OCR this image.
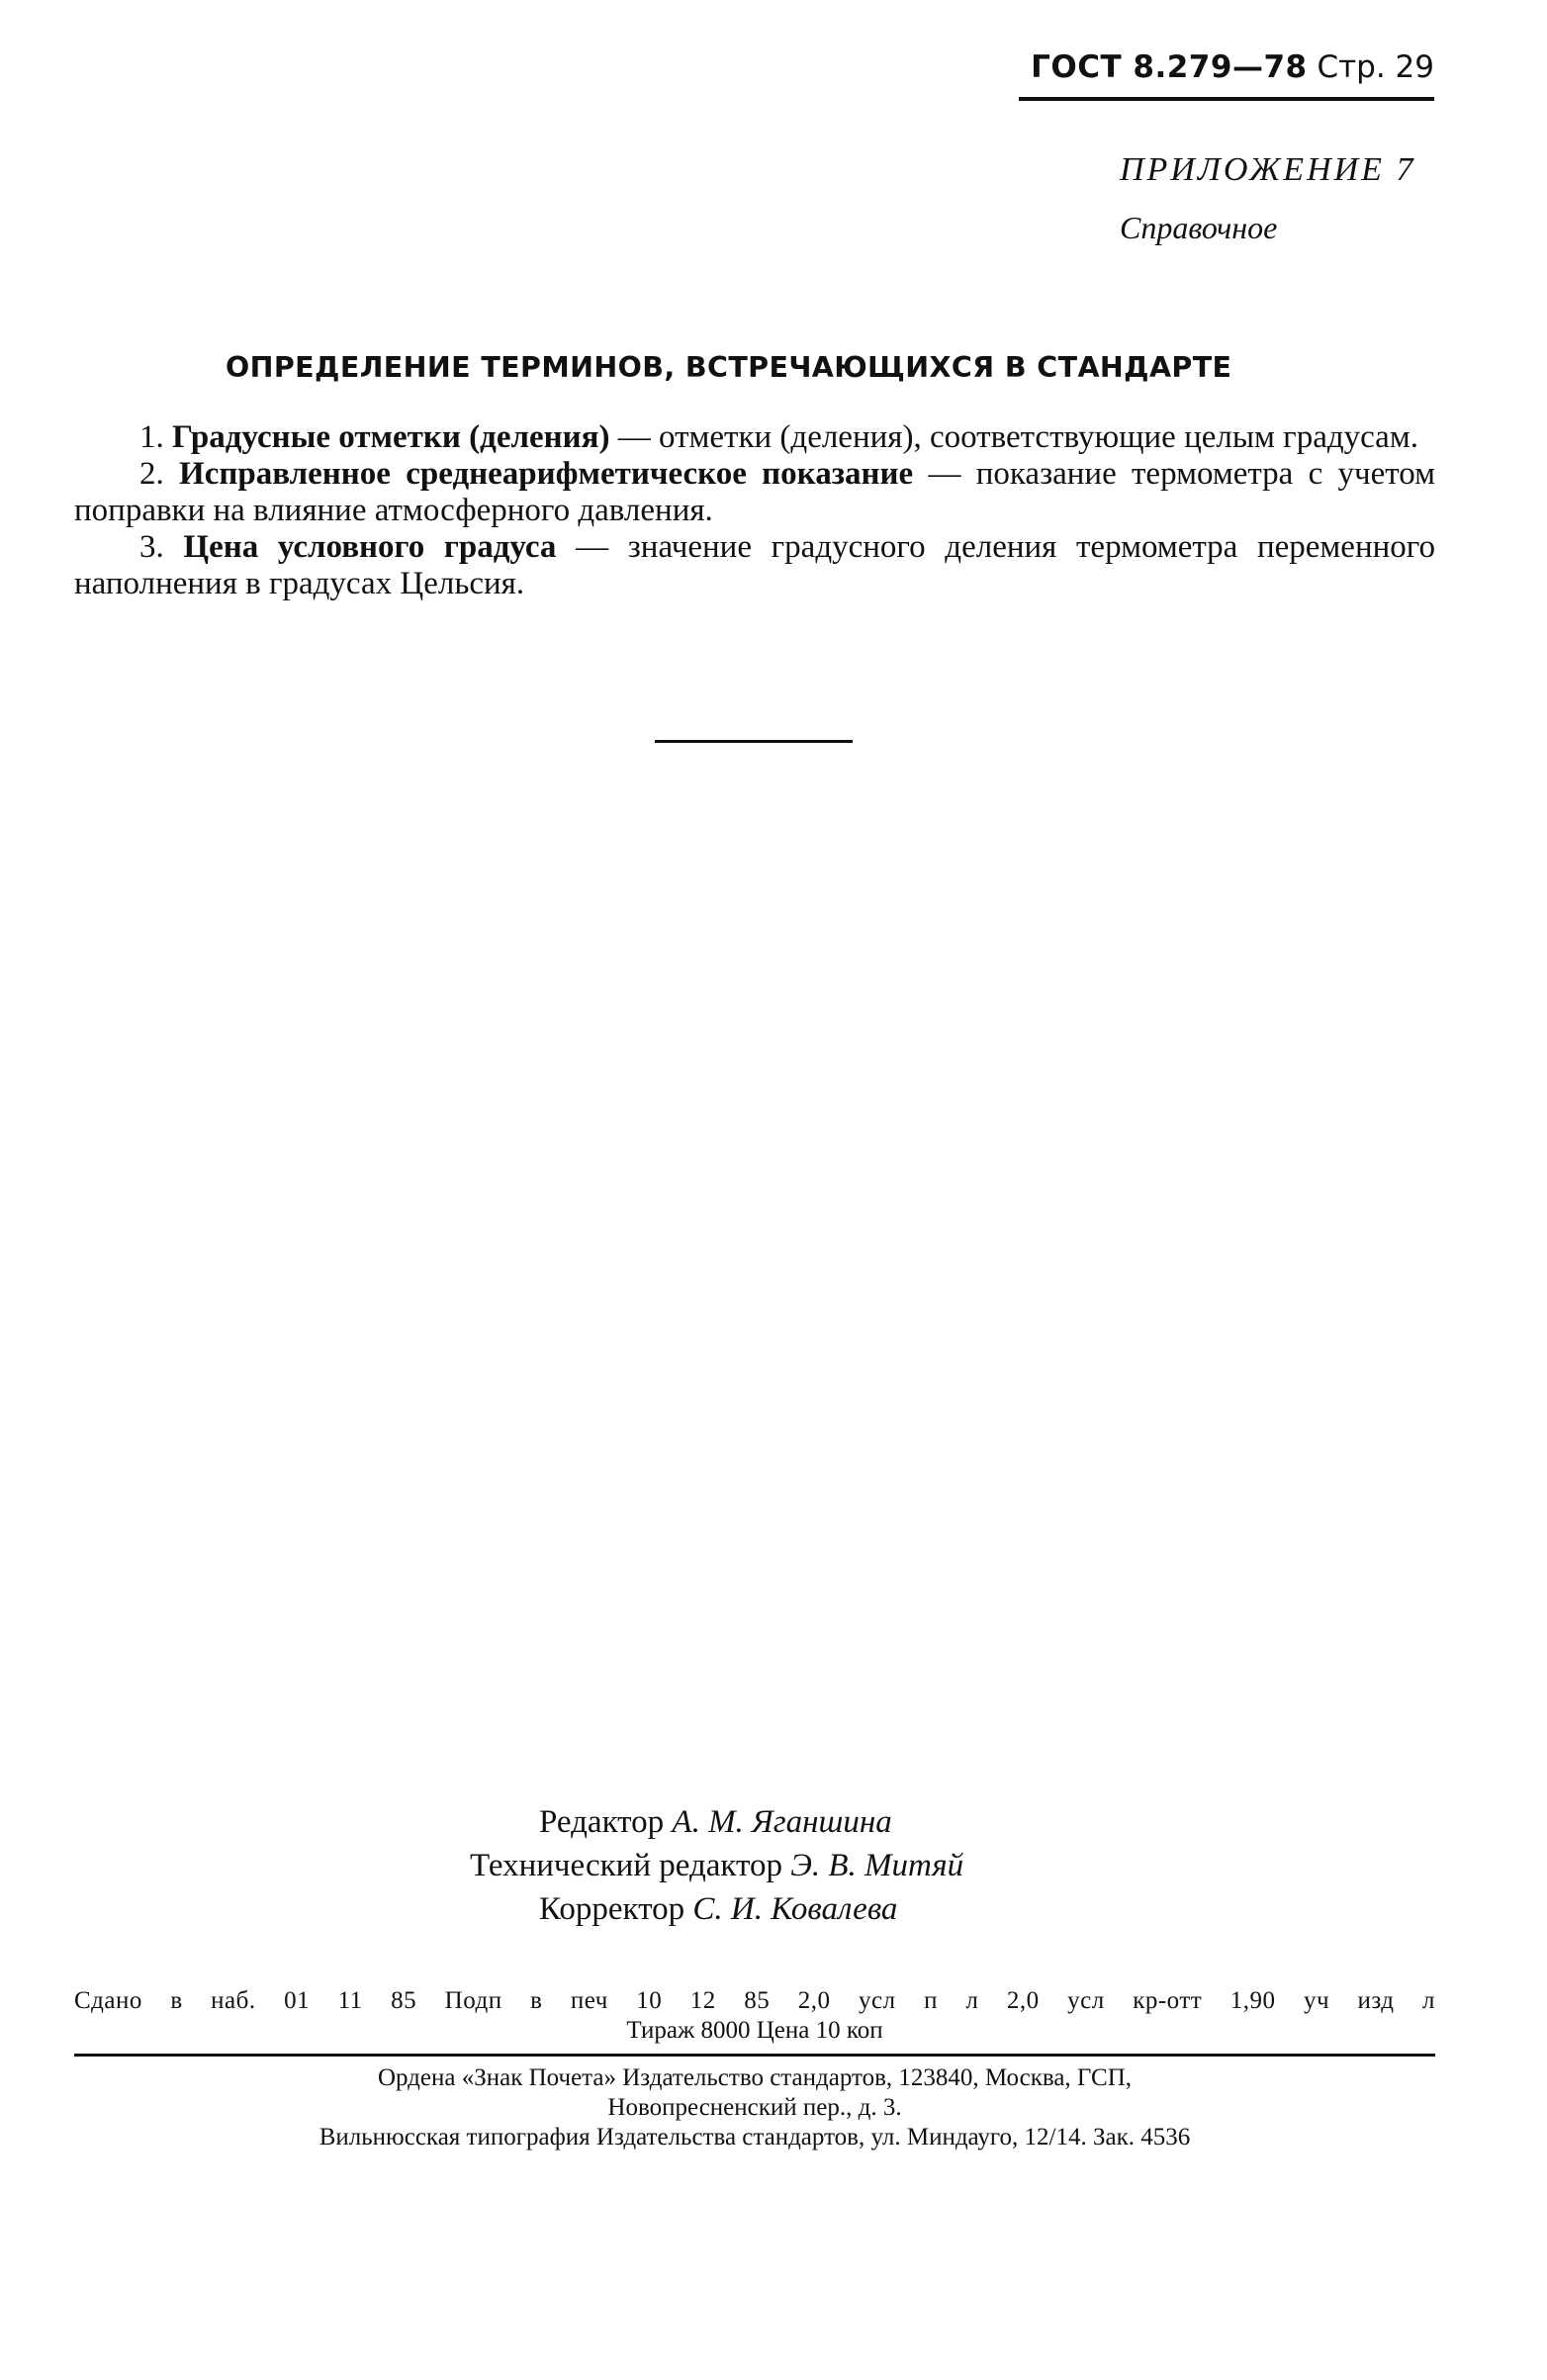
ГОСТ 8.279—78 Стр. 29
ПРИЛОЖЕНИЕ 7
Справочное
ОПРЕДЕЛЕНИЕ ТЕРМИНОВ, ВСТРЕЧАЮЩИХСЯ В СТАНДАРТЕ

1. Градусные отметки (деления) — отметки (деления), соответствующие целым градусам.

2. Исправленное среднеарифметическое показание — показание термометра с учетом поправки на влияние атмосферного давления.

3. Цена условного градуса — значение градусного деления термометра переменного наполнения в градусах Цельсия.

Редактор А. М. Яганшина
Технический редактор Э. В. Митяй
Корректор С. И. Ковалева
Сдано в наб. 01 11 85 Подп в печ 10 12 85 2,0 усл п л 2,0 усл кр-отт 1,90 уч изд л
Тираж 8000 Цена 10 коп
Ордена «Знак Почета» Издательство стандартов, 123840, Москва, ГСП,
Новопресненский пер., д. 3.
Вильнюсская типография Издательства стандартов, ул. Миндауго, 12/14. Зак. 4536
